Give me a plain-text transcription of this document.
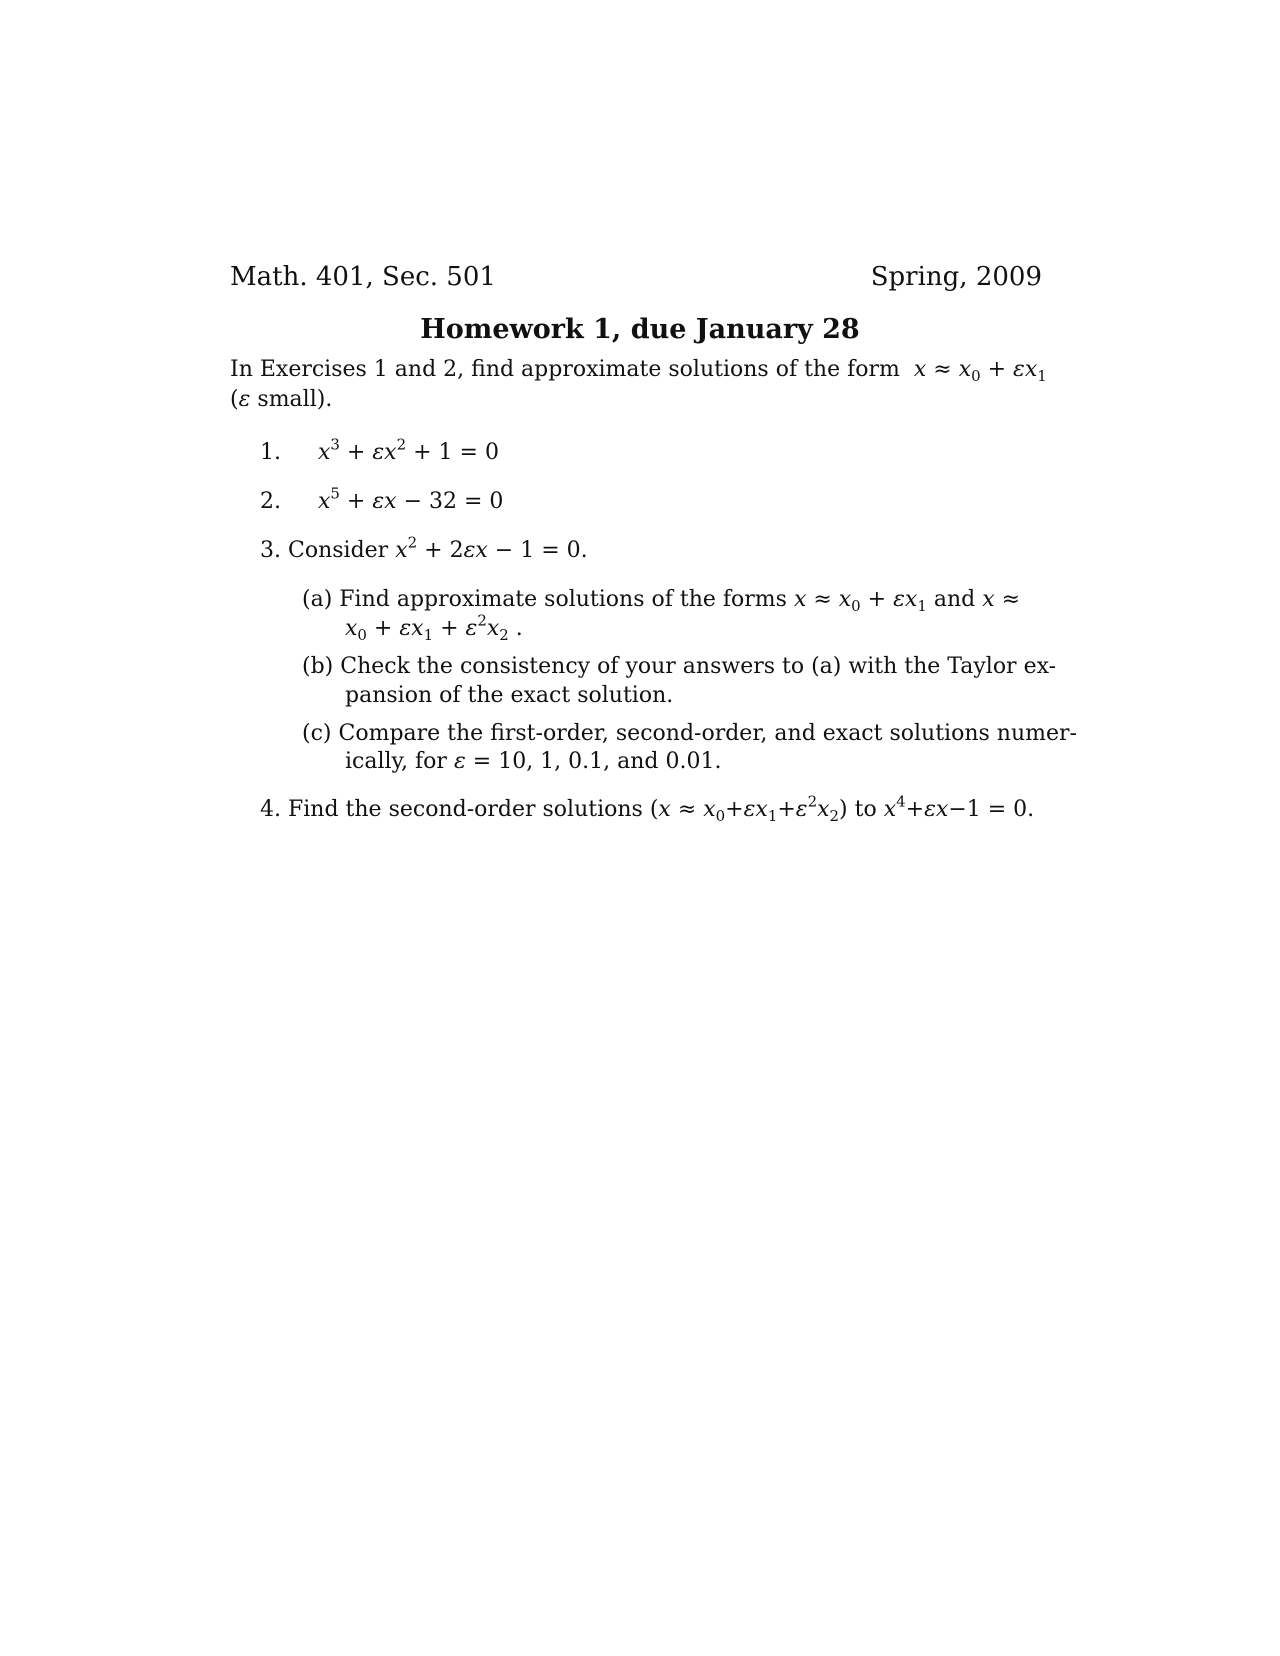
Math. 401, Sec. 501	Spring, 2009
Homework 1, due January 28
In Exercises 1 and 2, find approximate solutions of the form  $x \approx x_0 + \varepsilon x_1$
(ε small).
1. $x^3 + \varepsilon x^2 + 1 = 0$
2. $x^5 + \varepsilon x - 32 = 0$
3. Consider $x^2 + 2\varepsilon x - 1 = 0$.
(a) Find approximate solutions of the forms $x \approx x_0 + \varepsilon x_1$ and x ≈
$x_0 + \varepsilon x_1 + \varepsilon^2x_2$ .
(b) Check the consistency of your answers to (a) with the Taylor ex-
pansion of the exact solution.
(c) Compare the first-order, second-order, and exact solutions numer-
ically, for ε = 10, 1, 0.1, and 0.01.
4. Find the second-order solutions $(x \approx x_0+\varepsilon x_1+\varepsilon^2x_2)$ to $x^4+\varepsilon x-1 = 0$.
